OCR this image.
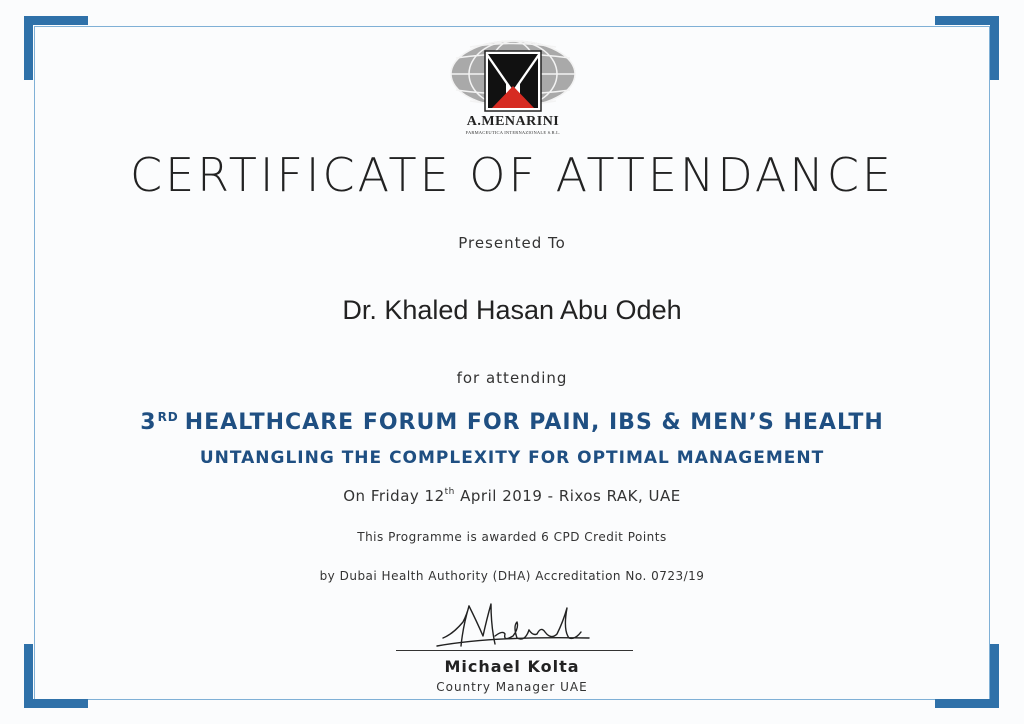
A.MENARINI
FARMACEUTICA INTERNAZIONALE S.R.L.
CERTIFICATE OF ATTENDANCE
Presented To
Dr. Khaled Hasan Abu Odeh
for attending
3RD HEALTHCARE FORUM FOR PAIN, IBS & MEN’S HEALTH
UNTANGLING THE COMPLEXITY FOR OPTIMAL MANAGEMENT
On Friday 12th April 2019 - Rixos RAK, UAE
This Programme is awarded 6 CPD Credit Points
by Dubai Health Authority (DHA) Accreditation No. 0723/19
Michael Kolta
Country Manager UAE
